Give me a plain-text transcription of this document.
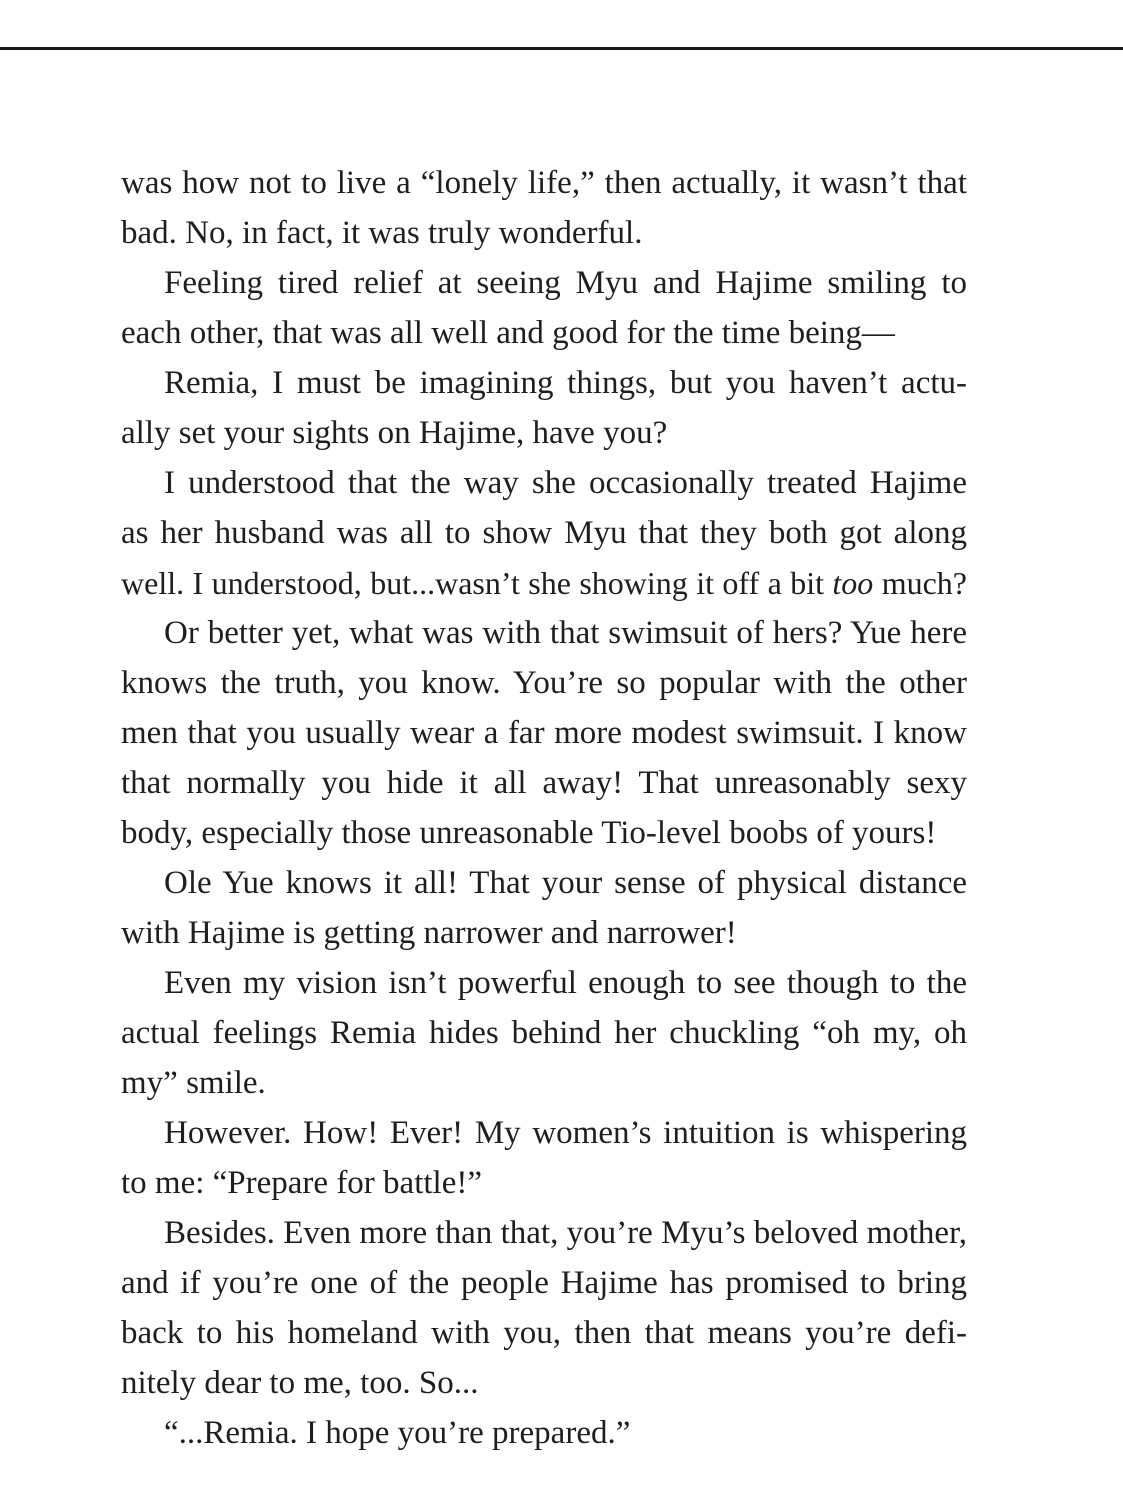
was how not to live a “lonely life,” then actually, it wasn’t that
bad. No, in fact, it was truly wonderful.
Feeling tired relief at seeing Myu and Hajime smiling to
each other, that was all well and good for the time being—
Remia, I must be imagining things, but you haven’t actu-
ally set your sights on Hajime, have you?
I understood that the way she occasionally treated Hajime
as her husband was all to show Myu that they both got along
well. I understood, but...wasn’t she showing it off a bit too much?
Or better yet, what was with that swimsuit of hers? Yue here
knows the truth, you know. You’re so popular with the other
men that you usually wear a far more modest swimsuit. I know
that normally you hide it all away! That unreasonably sexy
body, especially those unreasonable Tio-level boobs of yours!
Ole Yue knows it all! That your sense of physical distance
with Hajime is getting narrower and narrower!
Even my vision isn’t powerful enough to see though to the
actual feelings Remia hides behind her chuckling “oh my, oh
my” smile.
However. How! Ever! My women’s intuition is whispering
to me: “Prepare for battle!”
Besides. Even more than that, you’re Myu’s beloved mother,
and if you’re one of the people Hajime has promised to bring
back to his homeland with you, then that means you’re defi-
nitely dear to me, too. So...
“...Remia. I hope you’re prepared.”
